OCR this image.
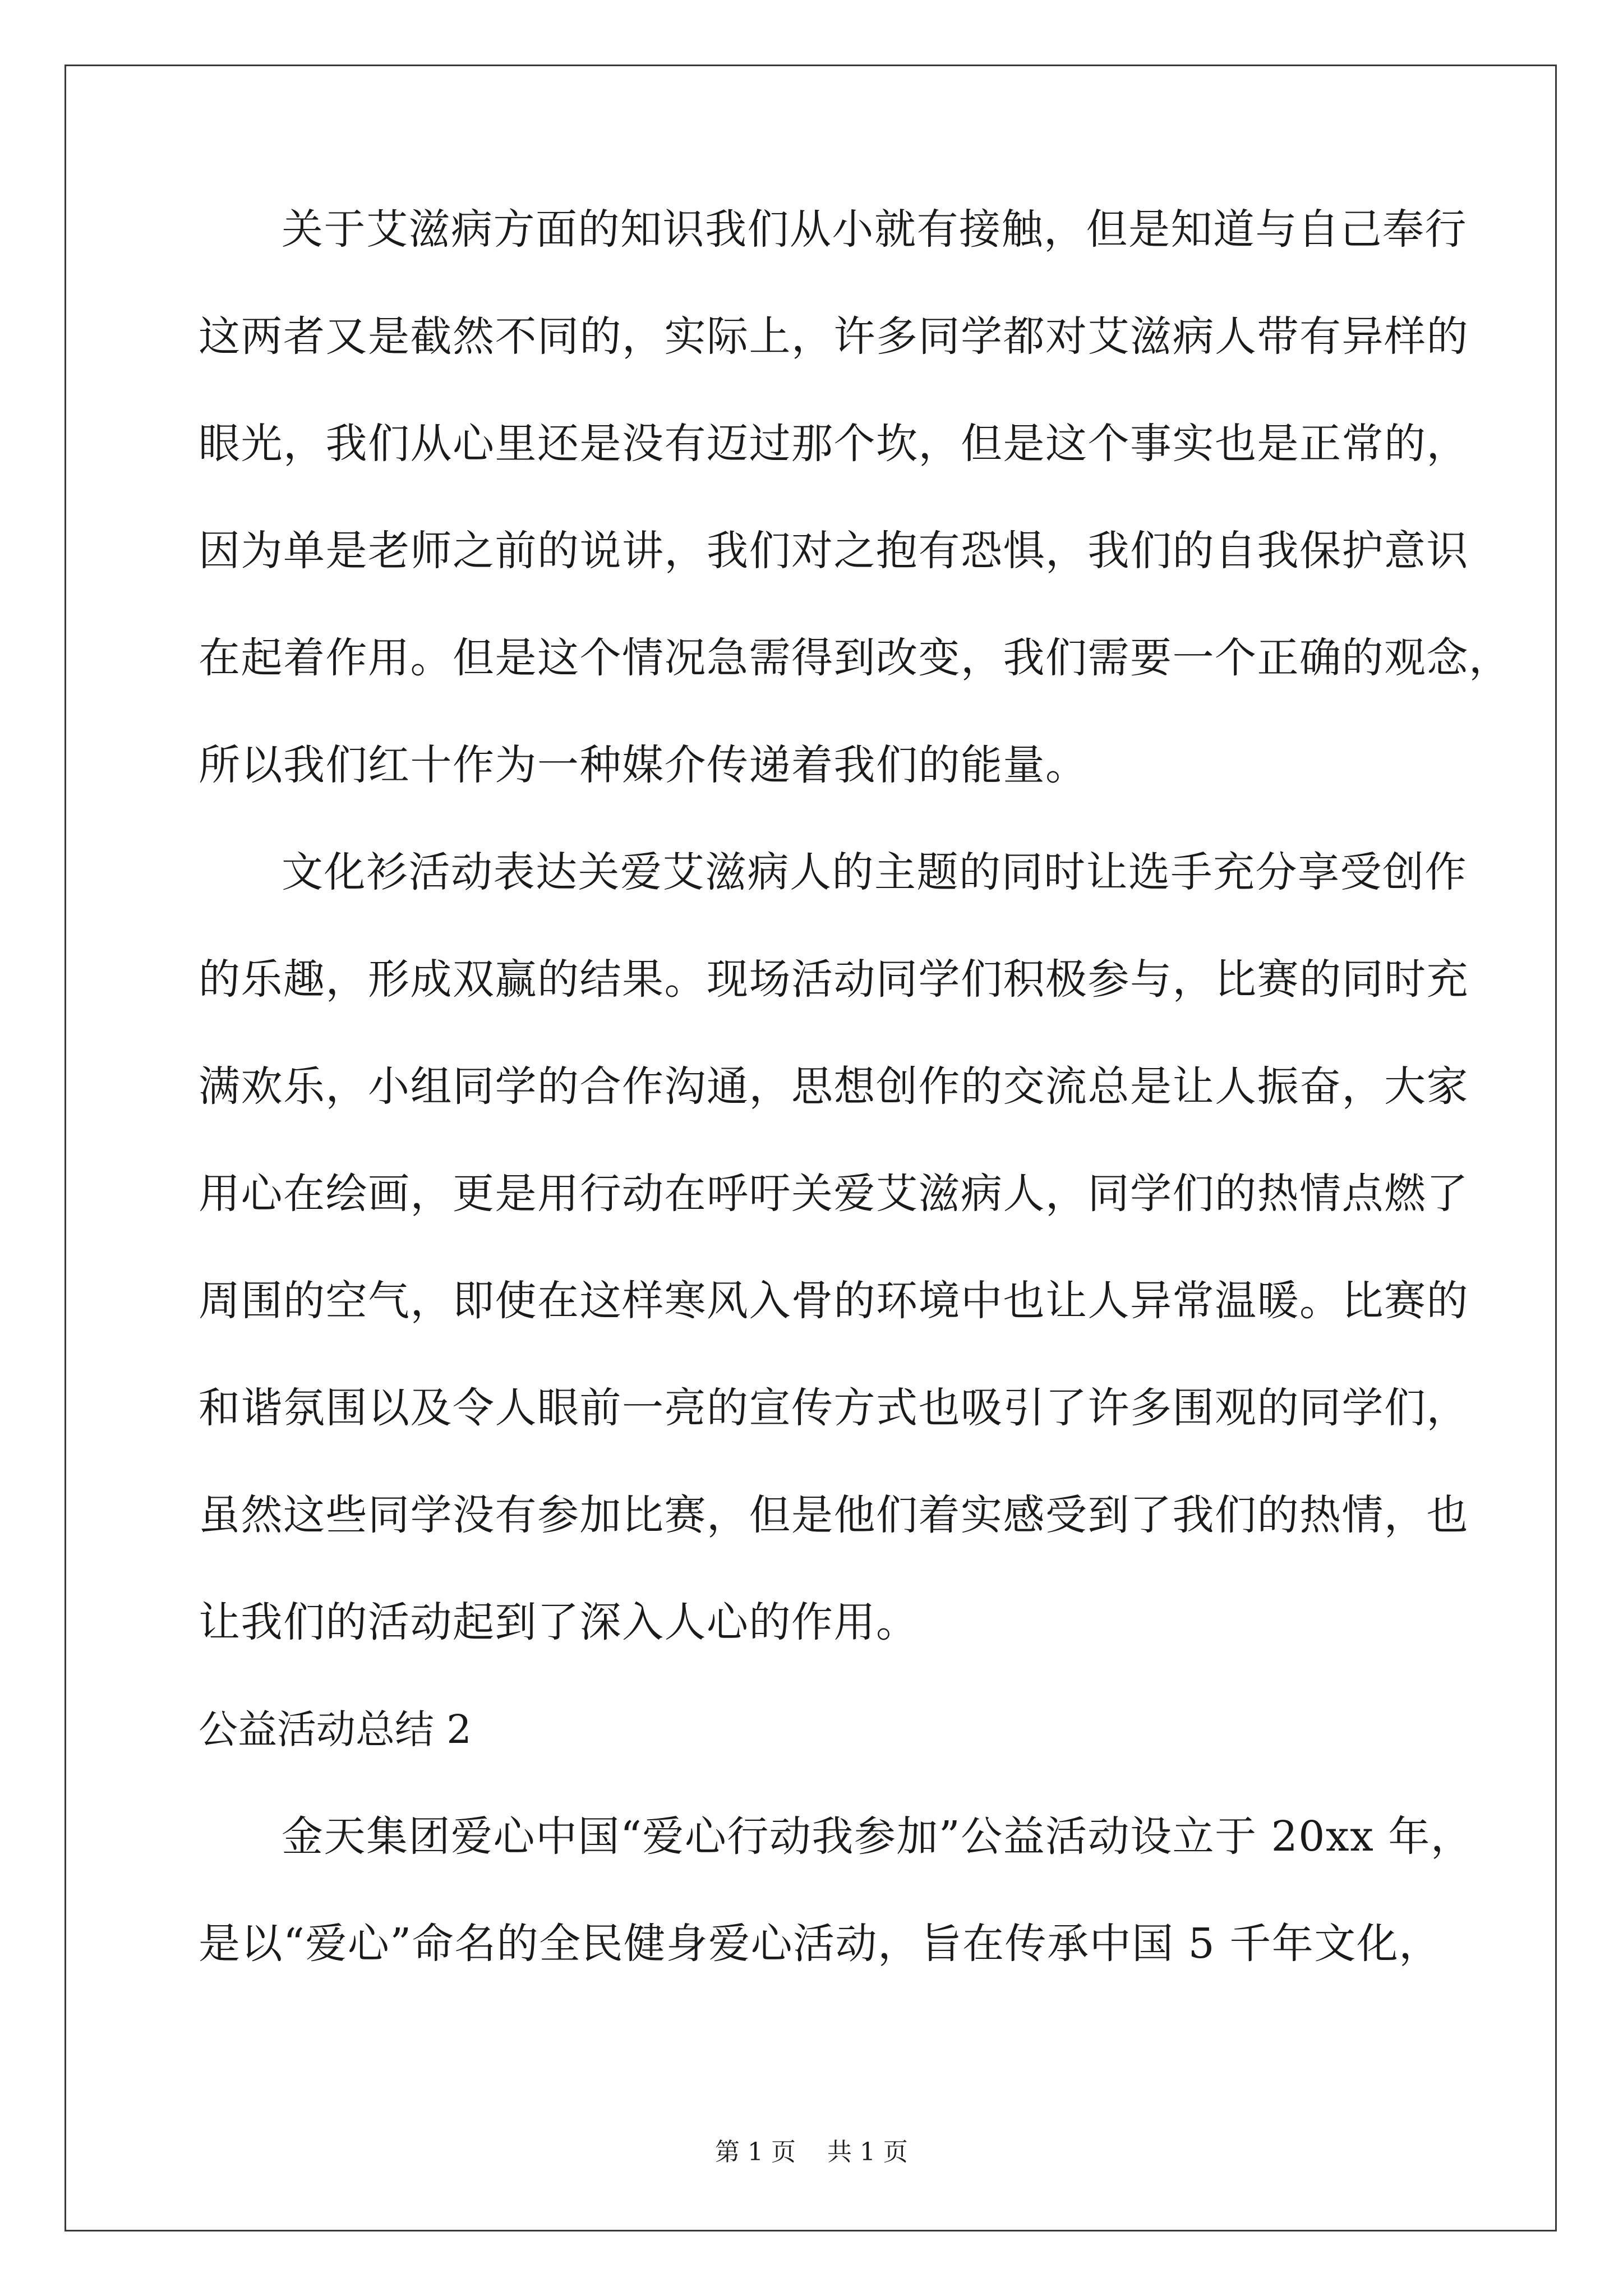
关于艾滋病方面的知识我们从小就有接触，但是知道与自己奉行
这两者又是截然不同的，实际上，许多同学都对艾滋病人带有异样的
眼光，我们从心里还是没有迈过那个坎，但是这个事实也是正常的，
因为单是老师之前的说讲，我们对之抱有恐惧，我们的自我保护意识
在起着作用。但是这个情况急需得到改变，我们需要一个正确的观念，
所以我们红十作为一种媒介传递着我们的能量。
文化衫活动表达关爱艾滋病人的主题的同时让选手充分享受创作
的乐趣，形成双赢的结果。现场活动同学们积极参与，比赛的同时充
满欢乐，小组同学的合作沟通，思想创作的交流总是让人振奋，大家
用心在绘画，更是用行动在呼吁关爱艾滋病人，同学们的热情点燃了
周围的空气，即使在这样寒风入骨的环境中也让人异常温暖。比赛的
和谐氛围以及令人眼前一亮的宣传方式也吸引了许多围观的同学们，
虽然这些同学没有参加比赛，但是他们着实感受到了我们的热情，也
让我们的活动起到了深入人心的作用。
公益活动总结 2
金天集团爱心中国“爱心行动我参加”公益活动设立于 20xx 年，
是以“爱心”命名的全民健身爱心活动，旨在传承中国 5 千年文化，
第 1 页    共 1 页
